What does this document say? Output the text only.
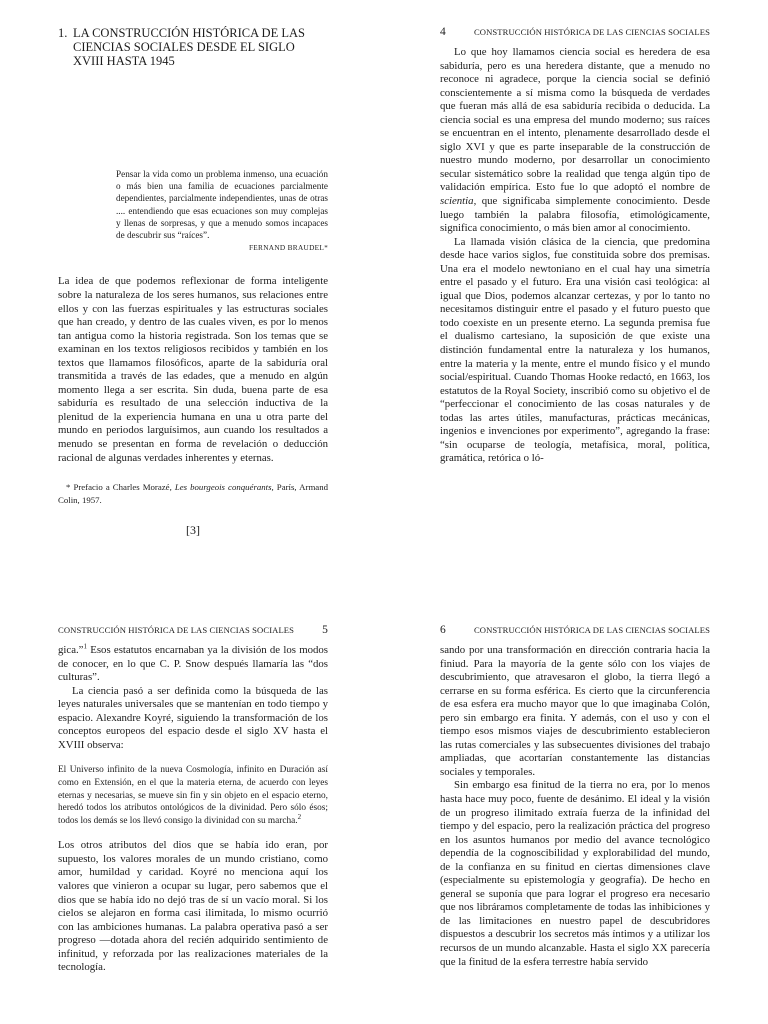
1. LA CONSTRUCCIÓN HISTÓRICA DE LAS CIENCIAS SOCIALES DESDE EL SIGLO XVIII HASTA 1945

Pensar la vida como un problema inmenso, una ecuación o más bien una familia de ecuaciones parcialmente dependientes, parcialmente independientes, unas de otras .... entendiendo que esas ecuaciones son muy complejas y llenas de sorpresas, y que a menudo somos incapaces de descubrir sus “raíces”.

FERNAND BRAUDEL*

La idea de que podemos reflexionar de forma inteligente sobre la naturaleza de los seres humanos, sus relaciones entre ellos y con las fuerzas espirituales y las estructuras sociales que han creado, y dentro de las cuales viven, es por lo menos tan antigua como la historia registrada. Son los temas que se examinan en los textos religiosos recibidos y también en los textos que llamamos filosóficos, aparte de la sabiduría oral transmitida a través de las edades, que a menudo en algún momento llega a ser escrita. Sin duda, buena parte de esa sabiduría es resultado de una selección inductiva de la plenitud de la experiencia humana en una u otra parte del mundo en periodos larguísimos, aun cuando los resultados a menudo se presentan en forma de revelación o deducción racional de algunas verdades inherentes y eternas.

* Prefacio a Charles Morazé, Les bourgeois conquérants, París, Armand Colin, 1957.

[3]
4	CONSTRUCCIÓN HISTÓRICA DE LAS CIENCIAS SOCIALES

Lo que hoy llamamos ciencia social es heredera de esa sabiduría, pero es una heredera distante, que a menudo no reconoce ni agradece, porque la ciencia social se definió conscientemente a sí misma como la búsqueda de verdades que fueran más allá de esa sabiduría recibida o deducida. La ciencia social es una empresa del mundo moderno; sus raíces se encuentran en el intento, plenamente desarrollado desde el siglo XVI y que es parte inseparable de la construcción de nuestro mundo moderno, por desarrollar un conocimiento secular sistemático sobre la realidad que tenga algún tipo de validación empírica. Esto fue lo que adoptó el nombre de scientia, que significaba simplemente conocimiento. Desde luego también la palabra filosofía, etimológicamente, significa conocimiento, o más bien amor al conocimiento.

La llamada visión clásica de la ciencia, que predomina desde hace varios siglos, fue constituida sobre dos premisas. Una era el modelo newtoniano en el cual hay una simetría entre el pasado y el futuro. Era una visión casi teológica: al igual que Dios, podemos alcanzar certezas, y por lo tanto no necesitamos distinguir entre el pasado y el futuro puesto que todo coexiste en un presente eterno. La segunda premisa fue el dualismo cartesiano, la suposición de que existe una distinción fundamental entre la naturaleza y los humanos, entre la materia y la mente, entre el mundo físico y el mundo social/espiritual. Cuando Thomas Hooke redactó, en 1663, los estatutos de la Royal Society, inscribió como su objetivo el de “perfeccionar el conocimiento de las cosas naturales y de todas las artes útiles, manufacturas, prácticas mecánicas, ingenios e invenciones por experimento”, agregando la frase: “sin ocuparse de teología, metafísica, moral, política, gramática, retórica o ló-

CONSTRUCCIÓN HISTÓRICA DE LAS CIENCIAS SOCIALES 5

gica.”$^1$ Esos estatutos encarnaban ya la división de los modos de conocer, en lo que C. P. Snow después llamaría las “dos culturas”.

La ciencia pasó a ser definida como la búsqueda de las leyes naturales universales que se mantenían en todo tiempo y espacio. Alexandre Koyré, siguiendo la transformación de los conceptos europeos del espacio desde el siglo XV hasta el XVIII observa:

El Universo infinito de la nueva Cosmología, infinito en Duración así como en Extensión, en el que la materia eterna, de acuerdo con leyes eternas y necesarias, se mueve sin fin y sin objeto en el espacio eterno, heredó todos los atributos ontológicos de la divinidad. Pero sólo ésos; todos los demás se los llevó consigo la divinidad con su marcha.$^2$

Los otros atributos del dios que se había ido eran, por supuesto, los valores morales de un mundo cristiano, como amor, humildad y caridad. Koyré no menciona aquí los valores que vinieron a ocupar su lugar, pero sabemos que el dios que se había ido no dejó tras de sí un vacío moral. Si los cielos se alejaron en forma casi ilimitada, lo mismo ocurrió con las ambiciones humanas. La palabra operativa pasó a ser progreso —dotada ahora del recién adquirido sentimiento de infinitud, y reforzada por las realizaciones materiales de la tecnología.

6	CONSTRUCCIÓN HISTÓRICA DE LAS CIENCIAS SOCIALES

sando por una transformación en dirección contraria hacia la finiud. Para la mayoría de la gente sólo con los viajes de descubrimiento, que atravesaron el globo, la tierra llegó a cerrarse en su forma esférica. Es cierto que la circunferencia de esa esfera era mucho mayor que lo que imaginaba Colón, pero sin embargo era finita. Y además, con el uso y con el tiempo esos mismos viajes de descubrimiento establecieron las rutas comerciales y las subsecuentes divisiones del trabajo ampliadas, que acortarían constantemente las distancias sociales y temporales.

Sin embargo esa finitud de la tierra no era, por lo menos hasta hace muy poco, fuente de desánimo. El ideal y la visión de un progreso ilimitado extraía fuerza de la infinidad del tiempo y del espacio, pero la realización práctica del progreso en los asuntos humanos por medio del avance tecnológico dependía de la cognoscibilidad y explorabilidad del mundo, de la confianza en su finitud en ciertas dimensiones clave (especialmente su epistemología y geografía). De hecho en general se suponía que para lograr el progreso era necesario que nos libráramos completamente de todas las inhibiciones y de las limitaciones en nuestro papel de descubridores dispuestos a descubrir los secretos más íntimos y a utilizar los recursos de un mundo alcanzable. Hasta el siglo XX parecería que la finitud de la esfera terrestre había servido
